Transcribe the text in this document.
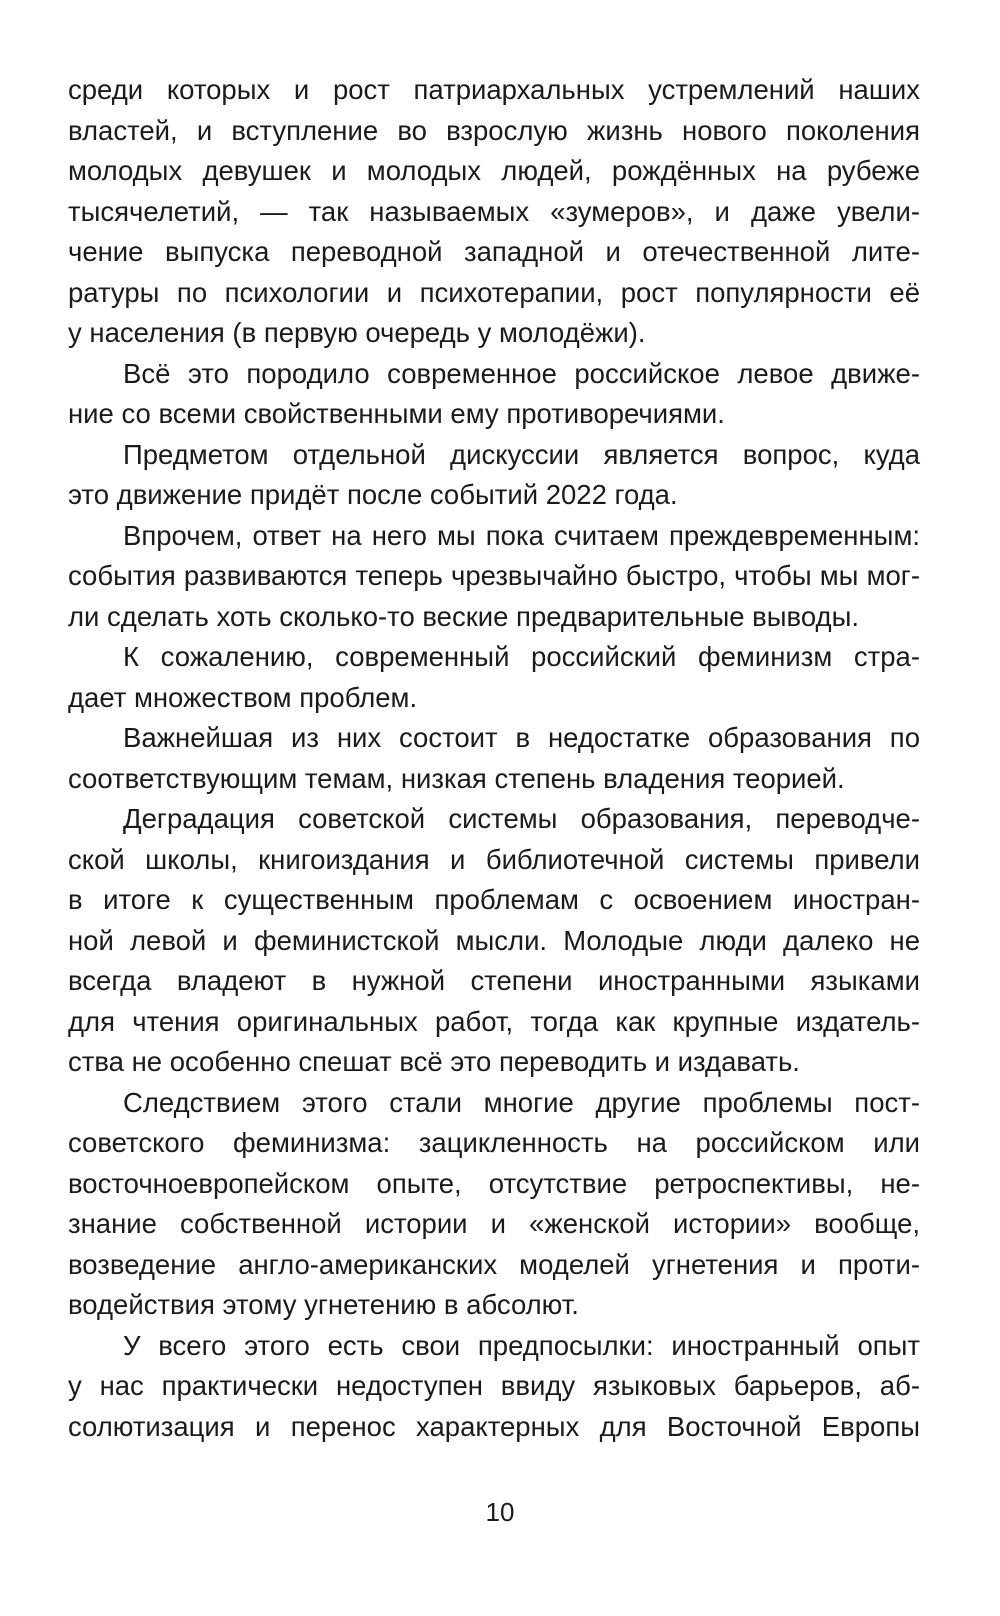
среди которых и рост патриархальных устремлений наших
властей, и вступление во взрослую жизнь нового поколения
молодых девушек и молодых людей, рождённых на рубеже
тысячелетий, — так называемых «зумеров», и даже увели-
чение выпуска переводной западной и отечественной лите-
ратуры по психологии и психотерапии, рост популярности её
у населения (в первую очередь у молодёжи).
Всё это породило современное российское левое движе-
ние со всеми свойственными ему противоречиями.
Предметом отдельной дискуссии является вопрос, куда
это движение придёт после событий 2022 года.
Впрочем, ответ на него мы пока считаем преждевременным:
события развиваются теперь чрезвычайно быстро, чтобы мы мог-
ли сделать хоть сколько-то веские предварительные выводы.
К сожалению, современный российский феминизм стра-
дает множеством проблем.
Важнейшая из них состоит в недостатке образования по
соответствующим темам, низкая степень владения теорией.
Деградация советской системы образования, переводче-
ской школы, книгоиздания и библиотечной системы привели
в итоге к существенным проблемам с освоением иностран-
ной левой и феминистской мысли. Молодые люди далеко не
всегда владеют в нужной степени иностранными языками
для чтения оригинальных работ, тогда как крупные издатель-
ства не особенно спешат всё это переводить и издавать.
Следствием этого стали многие другие проблемы пост-
советского феминизма: зацикленность на российском или
восточноевропейском опыте, отсутствие ретроспективы, не-
знание собственной истории и «женской истории» вообще,
возведение англо-американских моделей угнетения и проти-
водействия этому угнетению в абсолют.
У всего этого есть свои предпосылки: иностранный опыт
у нас практически недоступен ввиду языковых барьеров, аб-
солютизация и перенос характерных для Восточной Европы
10
